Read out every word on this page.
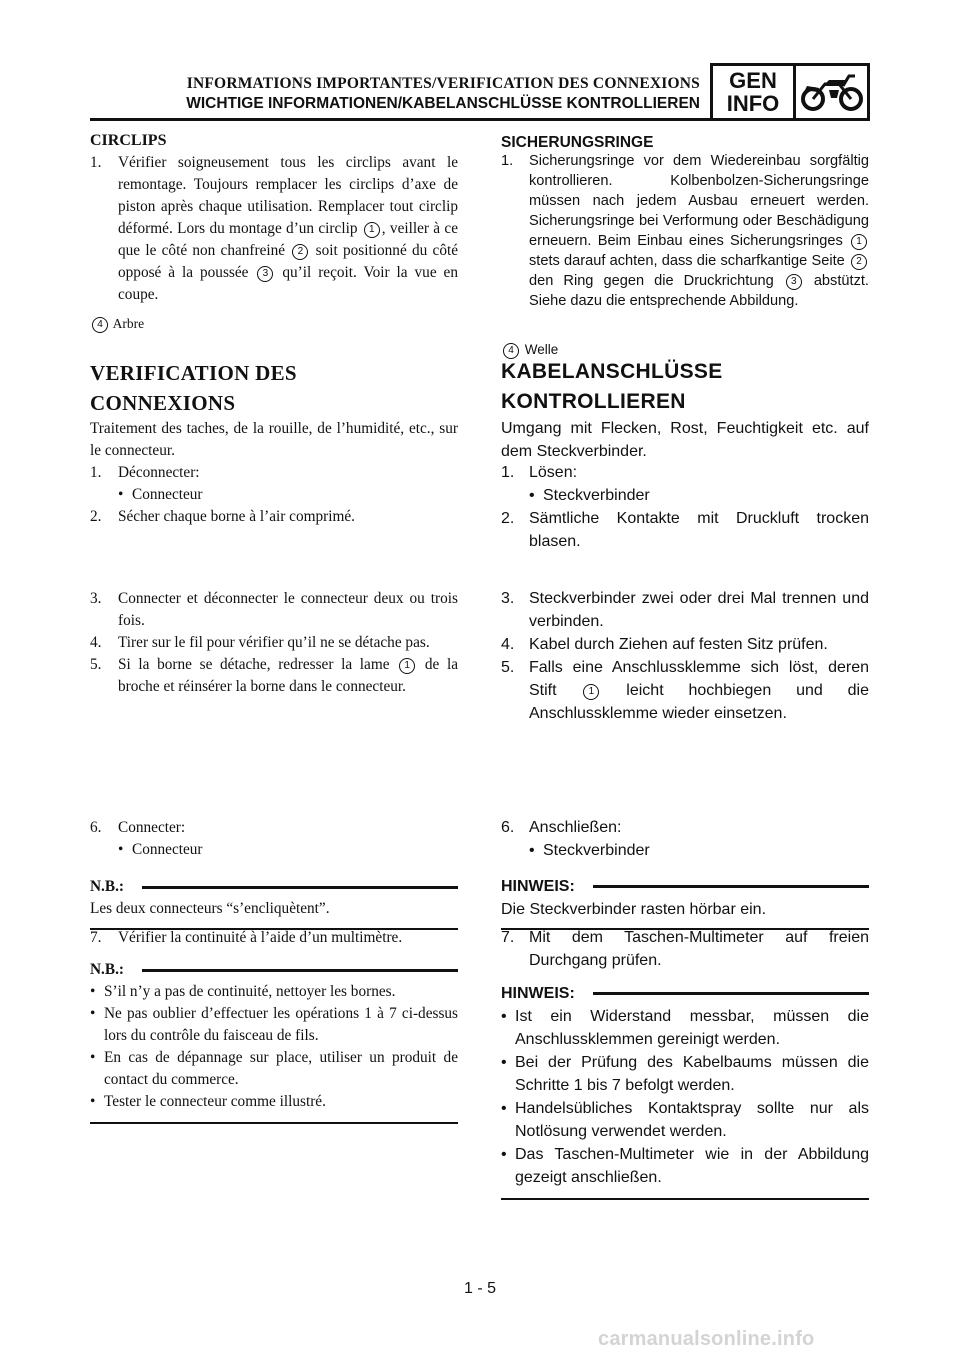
INFORMATIONS IMPORTANTES/VERIFICATION DES CONNEXIONS
WICHTIGE INFORMATIONEN/KABELANSCHLÜSSE KONTROLLIEREN
GEN
INFO
CIRCLIPS
1.	Vérifier soigneusement tous les circlips avant le remontage. Toujours remplacer les circlips d’axe de piston après chaque utilisation. Remplacer tout circlip déformé. Lors du montage d’un circlip 1 , veiller à ce que le côté non chanfreiné 2 soit positionné du côté opposé à la poussée 3 qu’il reçoit. Voir la vue en coupe.
4 Arbre
VERIFICATION DES
CONNEXIONS
Traitement des taches, de la rouille, de l’humidité, etc., sur le connecteur.
1.	Déconnecter:
• Connecteur
2.	Sécher chaque borne à l’air comprimé.
3.	Connecter et déconnecter le connecteur deux ou trois fois.
4.	Tirer sur le fil pour vérifier qu’il ne se détache pas.
5.	Si la borne se détache, redresser la lame 1 de la broche et réinsérer la borne dans le connecteur.
6.	Connecter:
• Connecteur
N.B.:
Les deux connecteurs “s’encliquètent”.
7.	Vérifier la continuité à l’aide d’un multimètre.
N.B.:
• S’il n’y a pas de continuité, nettoyer les bornes.
• Ne pas oublier d’effectuer les opérations 1 à 7 ci-dessus lors du contrôle du faisceau de fils.
• En cas de dépannage sur place, utiliser un produit de contact du commerce.
• Tester le connecteur comme illustré.
SICHERUNGSRINGE
1.	Sicherungsringe vor dem Wiedereinbau sorgfältig kontrollieren. Kolbenbolzen-Sicherungsringe müssen nach jedem Ausbau erneuert werden. Sicherungsringe bei Verformung oder Beschädigung erneuern. Beim Einbau eines Sicherungsringes 1 stets darauf achten, dass die scharfkantige Seite 2 den Ring gegen die Druckrichtung 3 abstützt. Siehe dazu die entsprechende Abbildung.
4 Welle
KABELANSCHLÜSSE
KONTROLLIEREN
Umgang mit Flecken, Rost, Feuchtigkeit etc. auf dem Steckverbinder.
1. Lösen:
• Steckverbinder
2. Sämtliche Kontakte mit Druckluft trocken blasen.
3. Steckverbinder zwei oder drei Mal trennen und verbinden.
4. Kabel durch Ziehen auf festen Sitz prüfen.
5. Falls eine Anschlussklemme sich löst, deren Stift	1 leicht hochbiegen und die Anschlussklemme wieder einsetzen.
6. Anschließen:
• Steckverbinder
HINWEIS:
Die Steckverbinder rasten hörbar ein.
7. Mit dem Taschen-Multimeter auf freien Durchgang prüfen.
HINWEIS:
• Ist ein Widerstand messbar, müssen die Anschlussklemmen gereinigt werden.
• Bei der Prüfung des Kabelbaums müssen die Schritte 1 bis 7 befolgt werden.
• Handelsübliches Kontaktspray sollte nur als Notlösung verwendet werden.
• Das Taschen-Multimeter wie in der Abbildung gezeigt anschließen.
1 - 5
carmanualsonline.info
